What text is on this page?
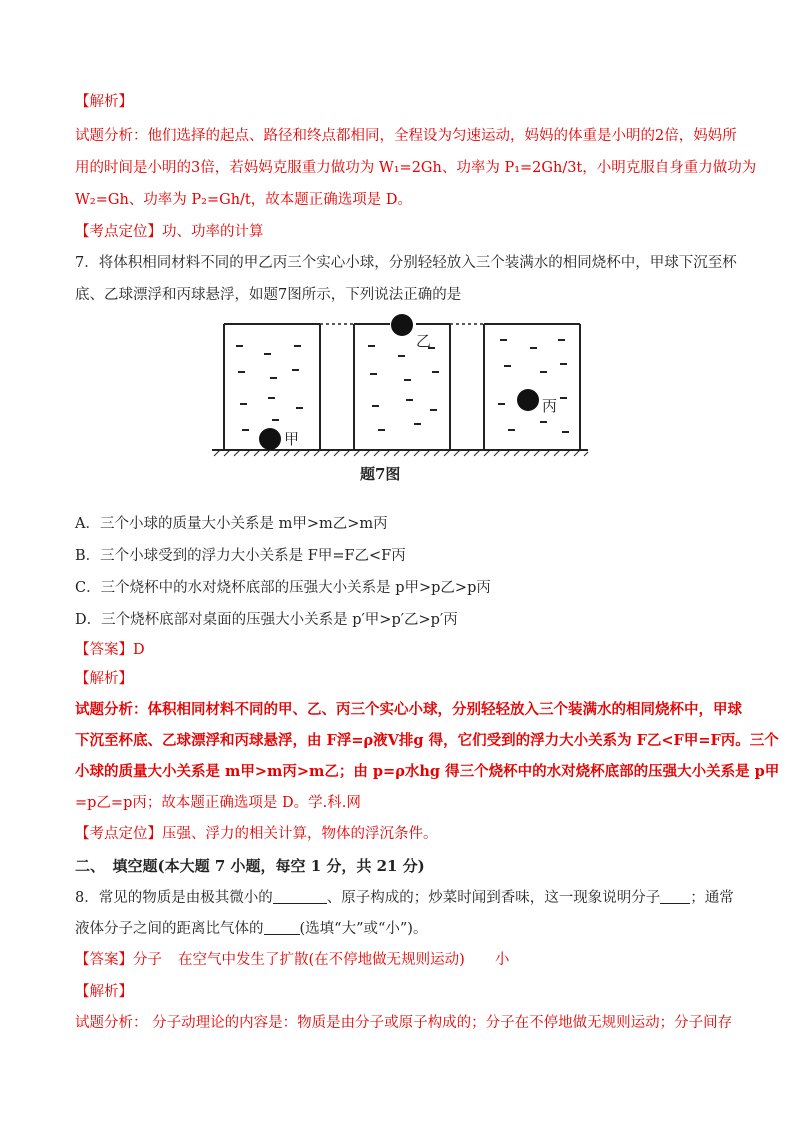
【解析】
试题分析：他们选择的起点、路径和终点都相同，全程设为匀速运动，妈妈的体重是小明的2倍，妈妈所
用的时间是小明的3倍，若妈妈克服重力做功为 W₁=2Gh、功率为 P₁=2Gh/3t，小明克服自身重力做功为
W₂=Gh、功率为 P₂=Gh/t，故本题正确选项是 D。
【考点定位】功、功率的计算
7．将体积相同材料不同的甲乙丙三个实心小球，分别轻轻放入三个装满水的相同烧杯中，甲球下沉至杯
底、乙球漂浮和丙球悬浮，如题7图所示，下列说法正确的是
甲
乙
丙
题7图
A．三个小球的质量大小关系是 m甲>m乙>m丙
B．三个小球受到的浮力大小关系是 F甲=F乙<F丙
C．三个烧杯中的水对烧杯底部的压强大小关系是 p甲>p乙>p丙
D．三个烧杯底部对桌面的压强大小关系是 p′甲>p′乙>p′丙
【答案】D
【解析】
试题分析：体积相同材料不同的甲、乙、丙三个实心小球，分别轻轻放入三个装满水的相同烧杯中，甲球
下沉至杯底、乙球漂浮和丙球悬浮，由 F浮=ρ液V排g 得，它们受到的浮力大小关系为 F乙<F甲=F丙。三个
小球的质量大小关系是 m甲>m丙>m乙；由 p=ρ水hg 得三个烧杯中的水对烧杯底部的压强大小关系是 p甲
=p乙=p丙；故本题正确选项是 D。学.科.网
【考点定位】压强、浮力的相关计算，物体的浮沉条件。
二、　填空题(本大题 7 小题，每空 1 分，共 21 分)
8．常见的物质是由极其微小的	、原子构成的；炒菜时闻到香味，这一现象说明分子 ；通常
液体分子之间的距离比气体的 (选填“大”或“小”)。
【答案】分子 在空气中发生了扩散(在不停地做无规则运动) 小
【解析】
试题分析： 分子动理论的内容是：物质是由分子或原子构成的；分子在不停地做无规则运动；分子间存
